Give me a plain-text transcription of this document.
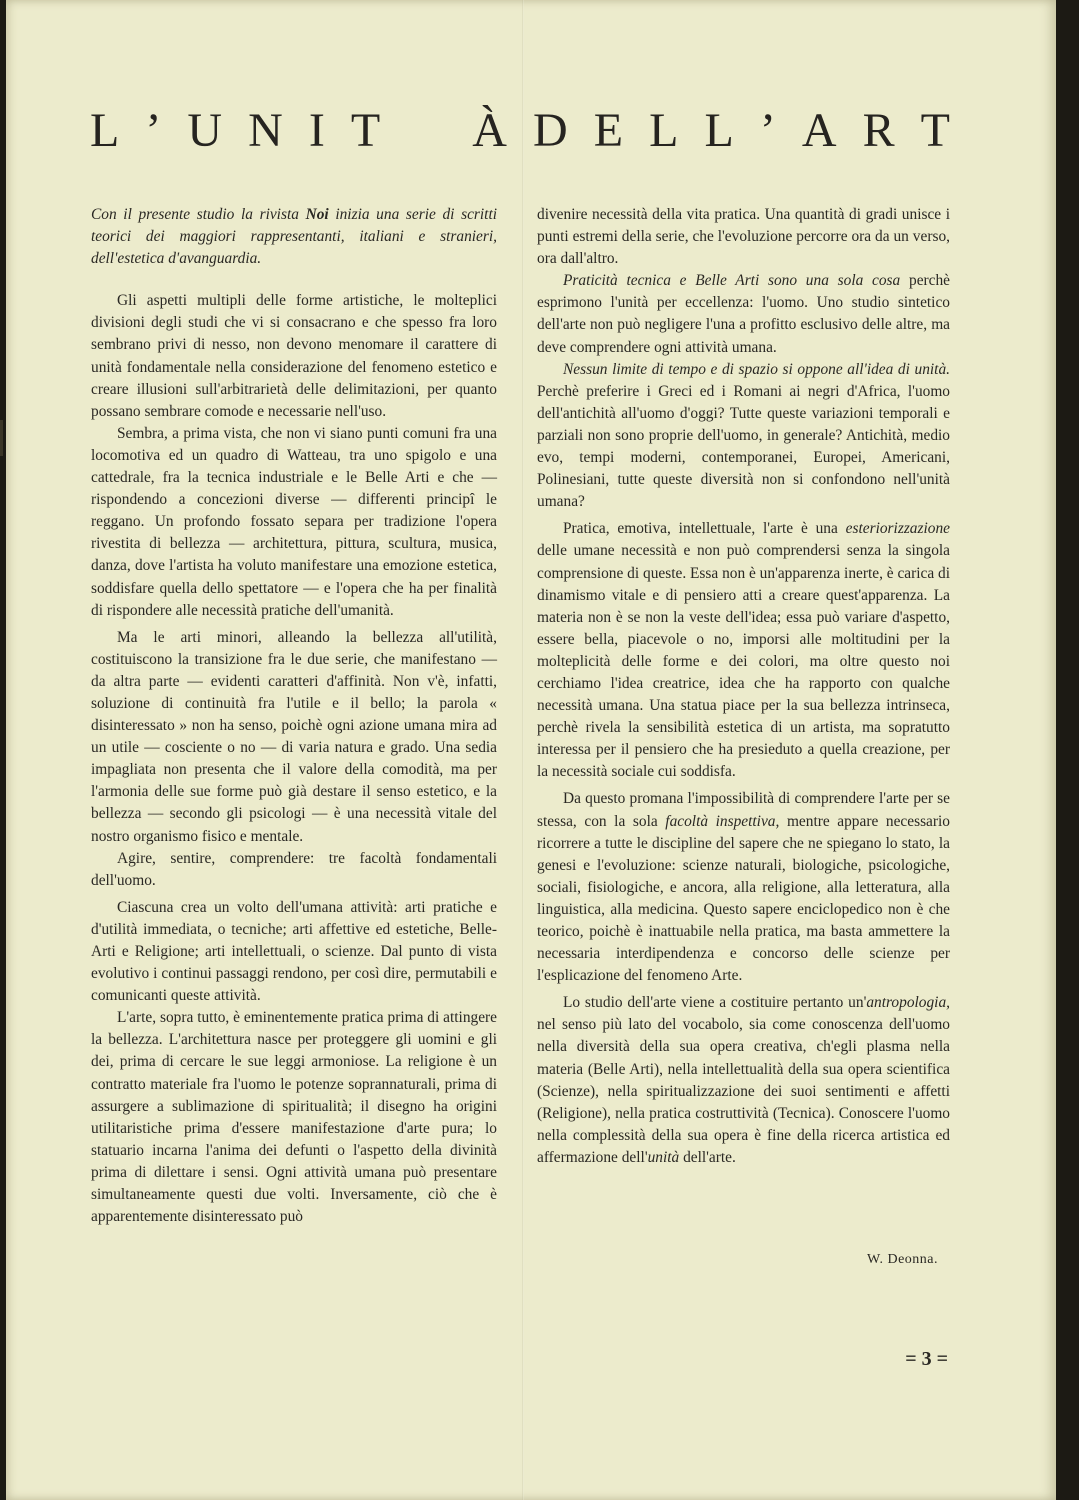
L ’ U N I T À D E L L ’ A R T

Con il presente studio la rivista Noi inizia una serie di scritti teorici dei maggiori rappresentanti, italiani e stranieri, dell'estetica d'avanguardia.

Gli aspetti multipli delle forme artistiche, le molteplici divisioni degli studi che vi si consacrano e che spesso fra loro sembrano privi di nesso, non devono menomare il carattere di unità fondamentale nella considerazione del fenomeno estetico e creare illusioni sull'arbitrarietà delle delimitazioni, per quanto possano sembrare comode e necessarie nell'uso.

Sembra, a prima vista, che non vi siano punti comuni fra una locomotiva ed un quadro di Watteau, tra uno spigolo e una cattedrale, fra la tecnica industriale e le Belle Arti e che — rispondendo a concezioni diverse — differenti principî le reggano. Un profondo fossato separa per tradizione l'opera rivestita di bellezza — architettura, pittura, scultura, musica, danza, dove l'artista ha voluto manifestare una emozione estetica, soddisfare quella dello spettatore — e l'opera che ha per finalità di rispondere alle necessità pratiche dell'umanità.

Ma le arti minori, alleando la bellezza all'utilità, costituiscono la transizione fra le due serie, che manifestano — da altra parte — evidenti caratteri d'affinità. Non v'è, infatti, soluzione di continuità fra l'utile e il bello; la parola « disinteressato » non ha senso, poichè ogni azione umana mira ad un utile — cosciente o no — di varia natura e grado. Una sedia impagliata non presenta che il valore della comodità, ma per l'armonia delle sue forme può già destare il senso estetico, e la bellezza — secondo gli psicologi — è una necessità vitale del nostro organismo fisico e mentale.

Agire, sentire, comprendere: tre facoltà fondamentali dell'uomo.

Ciascuna crea un volto dell'umana attività: arti pratiche e d'utilità immediata, o tecniche; arti affettive ed estetiche, Belle-Arti e Religione; arti intellettuali, o scienze. Dal punto di vista evolutivo i continui passaggi rendono, per così dire, permutabili e comunicanti queste attività.

L'arte, sopra tutto, è eminentemente pratica prima di attingere la bellezza. L'architettura nasce per proteggere gli uomini e gli dei, prima di cercare le sue leggi armoniose. La religione è un contratto materiale fra l'uomo le potenze soprannaturali, prima di assurgere a sublimazione di spiritualità; il disegno ha origini utilitaristiche prima d'essere manifestazione d'arte pura; lo statuario incarna l'anima dei defunti o l'aspetto della divinità prima di dilettare i sensi. Ogni attività umana può presentare simultaneamente questi due volti. Inversamente, ciò che è apparentemente disinteressato può

divenire necessità della vita pratica. Una quantità di gradi unisce i punti estremi della serie, che l'evoluzione percorre ora da un verso, ora dall'altro.

Praticità tecnica e Belle Arti sono una sola cosa perchè esprimono l'unità per eccellenza: l'uomo. Uno studio sintetico dell'arte non può negligere l'una a profitto esclusivo delle altre, ma deve comprendere ogni attività umana.

Nessun limite di tempo e di spazio si oppone all'idea di unità. Perchè preferire i Greci ed i Romani ai negri d'Africa, l'uomo dell'antichità all'uomo d'oggi? Tutte queste variazioni temporali e parziali non sono proprie dell'uomo, in generale? Antichità, medio evo, tempi moderni, contemporanei, Europei, Americani, Polinesiani, tutte queste diversità non si confondono nell'unità umana?

Pratica, emotiva, intellettuale, l'arte è una esteriorizzazione delle umane necessità e non può comprendersi senza la singola comprensione di queste. Essa non è un'apparenza inerte, è carica di dinamismo vitale e di pensiero atti a creare quest'apparenza. La materia non è se non la veste dell'idea; essa può variare d'aspetto, essere bella, piacevole o no, imporsi alle moltitudini per la molteplicità delle forme e dei colori, ma oltre questo noi cerchiamo l'idea creatrice, idea che ha rapporto con qualche necessità umana. Una statua piace per la sua bellezza intrinseca, perchè rivela la sensibilità estetica di un artista, ma sopratutto interessa per il pensiero che ha presieduto a quella creazione, per la necessità sociale cui soddisfa.

Da questo promana l'impossibilità di comprendere l'arte per se stessa, con la sola facoltà inspettiva, mentre appare necessario ricorrere a tutte le discipline del sapere che ne spiegano lo stato, la genesi e l'evoluzione: scienze naturali, biologiche, psicologiche, sociali, fisiologiche, e ancora, alla religione, alla letteratura, alla linguistica, alla medicina. Questo sapere enciclopedico non è che teorico, poichè è inattuabile nella pratica, ma basta ammettere la necessaria interdipendenza e concorso delle scienze per l'esplicazione del fenomeno Arte.

Lo studio dell'arte viene a costituire pertanto un'antropologia, nel senso più lato del vocabolo, sia come conoscenza dell'uomo nella diversità della sua opera creativa, ch'egli plasma nella materia (Belle Arti), nella intellettualità della sua opera scientifica (Scienze), nella spiritualizzazione dei suoi sentimenti e affetti (Religione), nella pratica costruttività (Tecnica). Conoscere l'uomo nella complessità della sua opera è fine della ricerca artistica ed affermazione dell'unità dell'arte.

W. Deonna.
= 3 =
